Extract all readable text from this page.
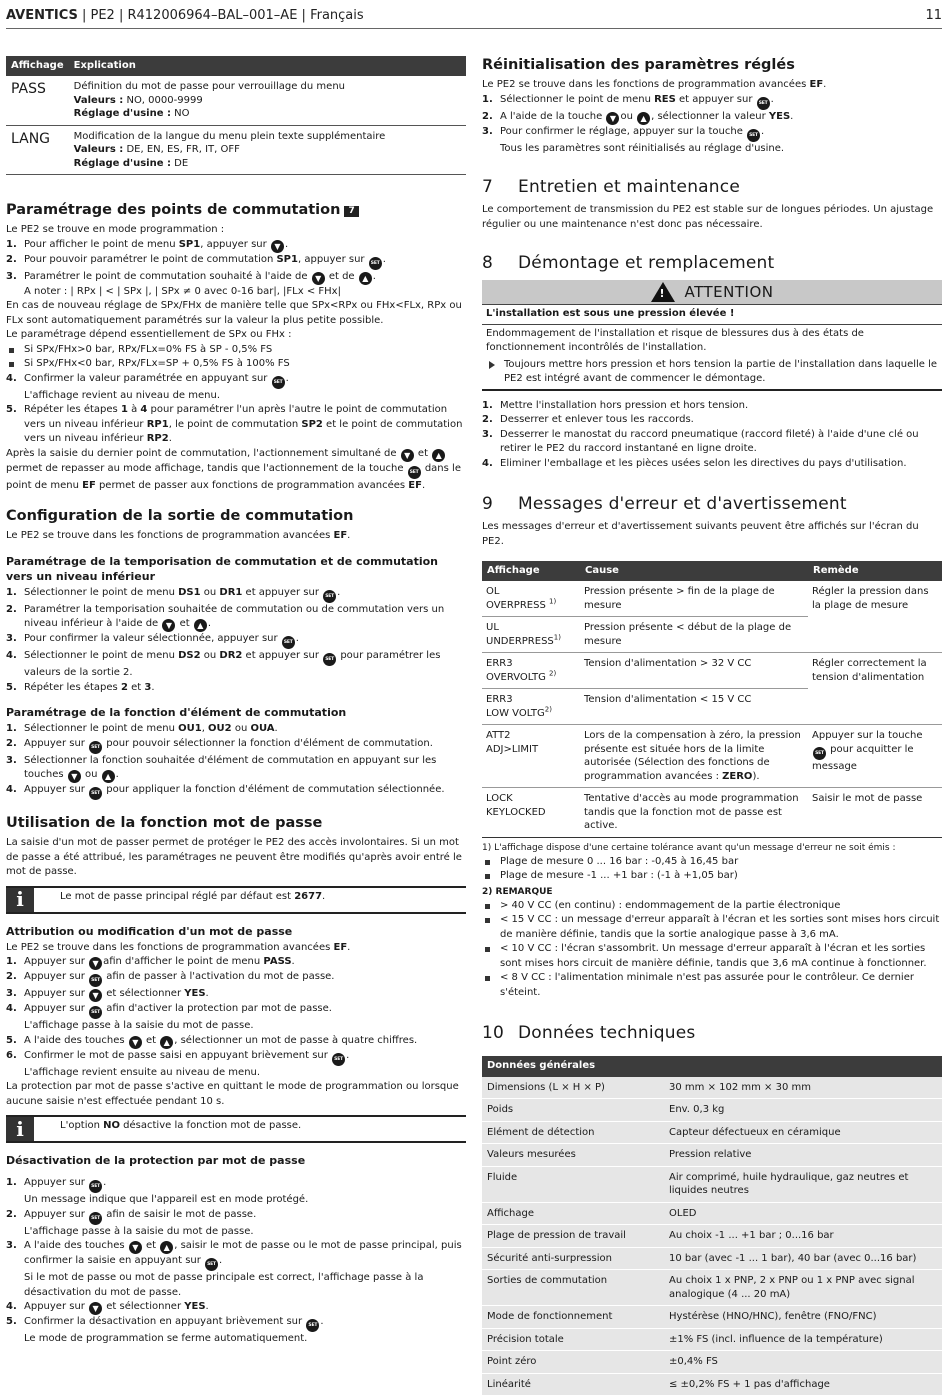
AVENTICS | PE2 | R412006964–BAL–001–AE | Français	11
Affichage	Explication
PASS	Définition du mot de passe pour verrouillage du menu
Valeurs : NO, 0000-9999
Réglage d'usine : NO
LANG	Modification de la langue du menu plein texte supplémentaire
Valeurs : DE, EN, ES, FR, IT, OFF
Réglage d'usine : DE
Paramétrage des points de commutation 7

Le PE2 se trouve en mode programmation :

1. Pour afficher le point de menu SP1, appuyer sur ▼ .
2. Pour pouvoir paramétrer le point de commutation SP1, appuyer sur SET .
3. Paramétrer le point de commutation souhaité à l'aide de ▼ et de ▲ .
A noter : | RPx | < | SPx |, | SPx ≠ 0 avec 0-16 bar|, |FLx < FHx|

En cas de nouveau réglage de SPx/FHx de manière telle que SPx<RPx ou FHx<FLx, RPx ou FLx sont automatiquement paramétrés sur la valeur la plus petite possible.

Le paramétrage dépend essentiellement de SPx ou FHx :

Si SPx/FHx>0 bar, RPx/FLx=0% FS à SP - 0,5% FS
Si SPx/FHx<0 bar, RPx/FLx=SP + 0,5% FS à 100% FS
4. Confirmer la valeur paramétrée en appuyant sur SET .
L'affichage revient au niveau de menu.
5. Répéter les étapes 1 à 4 pour paramétrer l'un après l'autre le point de commutation vers un niveau inférieur RP1, le point de commutation SP2 et le point de commutation vers un niveau inférieur RP2.

Après la saisie du dernier point de commutation, l'actionnement simultané de ▼ et ▲ permet de repasser au mode affichage, tandis que l'actionnement de la touche SET dans le point de menu EF permet de passer aux fonctions de programmation avancées EF.

Configuration de la sortie de commutation

Le PE2 se trouve dans les fonctions de programmation avancées EF.

Paramétrage de la temporisation de commutation et de commutation vers un niveau inférieur
1. Sélectionner le point de menu DS1 ou DR1 et appuyer sur SET .
2. Paramétrer la temporisation souhaitée de commutation ou de commutation vers un niveau inférieur à l'aide de ▼ et ▲ .
3. Pour confirmer la valeur sélectionnée, appuyer sur SET .
4. Sélectionner le point de menu DS2 ou DR2 et appuyer sur SET pour paramétrer les valeurs de la sortie 2.
5. Répéter les étapes 2 et 3.
Paramétrage de la fonction d'élément de commutation
1. Sélectionner le point de menu OU1, OU2 ou OUA.
2. Appuyer sur SET pour pouvoir sélectionner la fonction d'élément de commutation.
3. Sélectionner la fonction souhaitée d'élément de commutation en appuyant sur les touches ▼ ou ▲ .
4. Appuyer sur SET pour appliquer la fonction d'élément de commutation sélectionnée.
Utilisation de la fonction mot de passe

La saisie d'un mot de passer permet de protéger le PE2 des accès involontaires. Si un mot de passe a été attribué, les paramétrages ne peuvent être modifiés qu'après avoir entré le mot de passe.

i	Le mot de passe principal réglé par défaut est 2677.
Attribution ou modification d'un mot de passe

Le PE2 se trouve dans les fonctions de programmation avancées EF.

1. Appuyer sur ▼ afin d'afficher le point de menu PASS.
2. Appuyer sur SET afin de passer à l'activation du mot de passe.
3. Appuyer sur ▼ et sélectionner YES.
4. Appuyer sur SET afin d'activer la protection par mot de passe.
L'affichage passe à la saisie du mot de passe.
5. A l'aide des touches ▼ et ▲ , sélectionner un mot de passe à quatre chiffres.
6. Confirmer le mot de passe saisi en appuyant brièvement sur SET .
L'affichage revient ensuite au niveau de menu.

La protection par mot de passe s'active en quittant le mode de programmation ou lorsque aucune saisie n'est effectuée pendant 10 s.

i	L'option NO désactive la fonction mot de passe.
Désactivation de la protection par mot de passe
1. Appuyer sur SET .
Un message indique que l'appareil est en mode protégé.
2. Appuyer sur SET afin de saisir le mot de passe.
L'affichage passe à la saisie du mot de passe.
3. A l'aide des touches ▼ et ▲ , saisir le mot de passe ou le mot de passe principal, puis confirmer la saisie en appuyant sur SET .
Si le mot de passe ou mot de passe principale est correct, l'affichage passe à la désactivation du mot de passe.
4. Appuyer sur ▼ et sélectionner YES.
5. Confirmer la désactivation en appuyant brièvement sur SET .
Le mode de programmation se ferme automatiquement.
Réinitialisation des paramètres réglés

Le PE2 se trouve dans les fonctions de programmation avancées EF.

1. Sélectionner le point de menu RES et appuyer sur SET .
2. A l'aide de la touche ▼ ou ▲ , sélectionner la valeur YES.
3. Pour confirmer le réglage, appuyer sur la touche SET .
Tous les paramètres sont réinitialisés au réglage d'usine.
7 Entretien et maintenance

Le comportement de transmission du PE2 est stable sur de longues périodes. Un ajustage régulier ou une maintenance n'est donc pas nécessaire.

8 Démontage et remplacement
! ATTENTION
L'installation est sous une pression élevée !
Endommagement de l'installation et risque de blessures dus à des états de fonctionnement incontrôlés de l'installation.
Toujours mettre hors pression et hors tension la partie de l'installation dans laquelle le PE2 est intégré avant de commencer le démontage.
1. Mettre l'installation hors pression et hors tension.
2. Desserrer et enlever tous les raccords.
3. Desserrer le manostat du raccord pneumatique (raccord fileté) à l'aide d'une clé ou retirer le PE2 du raccord instantané en ligne droite.
4. Eliminer l'emballage et les pièces usées selon les directives du pays d'utilisation.
9 Messages d'erreur et d'avertissement

Les messages d'erreur et d'avertissement suivants peuvent être affichés sur l'écran du PE2.

Affichage	Cause	Remède
OL
OVERPRESS $^{1)}$	Pression présente > fin de la plage de mesure	Régler la pression dans la plage de mesure
UL
UNDERPRESS$^{1)}$	Pression présente < début de la plage de mesure	
ERR3
OVERVOLTG $^{2)}$	Tension d'alimentation > 32 V CC	Régler correctement la tension d'alimentation
ERR3
LOW VOLTG$^{2)}$	Tension d'alimentation < 15 V CC	
ATT2
ADJ>LIMIT	Lors de la compensation à zéro, la pression présente est située hors de la limite autorisée (Sélection des fonctions de programmation avancées : ZERO).	Appuyer sur la touche SET pour acquitter le message
LOCK
KEYLOCKED	Tentative d'accès au mode programmation tandis que la fonction mot de passe est active.	Saisir le mot de passe

1) L'affichage dispose d'une certaine tolérance avant qu'un message d'erreur ne soit émis :

Plage de mesure 0 ... 16 bar : -0,45 à 16,45 bar
Plage de mesure -1 ... +1 bar : (-1 à +1,05 bar)

2) REMARQUE

> 40 V CC (en continu) : endommagement de la partie électronique
< 15 V CC : un message d'erreur apparaît à l'écran et les sorties sont mises hors circuit de manière définie, tandis que la sortie analogique passe à 3,6 mA.
< 10 V CC : l'écran s'assombrit. Un message d'erreur apparaît à l'écran et les sorties sont mises hors circuit de manière définie, tandis que 3,6 mA continue à fonctionner.
< 8 V CC : l'alimentation minimale n'est pas assurée pour le contrôleur. Ce dernier s'éteint.
10 Données techniques
Données générales	
Dimensions (L × H × P)	30 mm × 102 mm × 30 mm
Poids	Env. 0,3 kg
Elément de détection	Capteur défectueux en céramique
Valeurs mesurées	Pression relative
Fluide	Air comprimé, huile hydraulique, gaz neutres et liquides neutres
Affichage	OLED
Plage de pression de travail	Au choix -1 ... +1 bar ; 0...16 bar
Sécurité anti-surpression	10 bar (avec -1 ... 1 bar), 40 bar (avec 0...16 bar)
Sorties de commutation	Au choix 1 x PNP, 2 x PNP ou 1 x PNP avec signal analogique (4 ... 20 mA)
Mode de fonctionnement	Hystérèse (HNO/HNC), fenêtre (FNO/FNC)
Précision totale	±1% FS (incl. influence de la température)
Point zéro	±0,4% FS
Linéarité	≤ ±0,2% FS + 1 pas d'affichage
